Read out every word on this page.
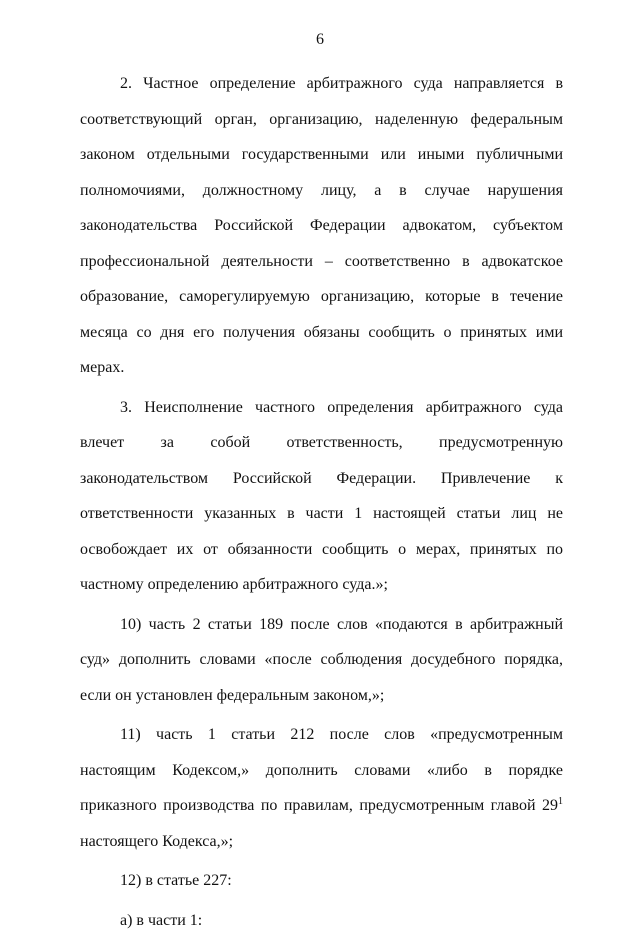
6

2. Частное определение арбитражного суда направляется в соответствующий орган, организацию, наделенную федеральным законом отдельными государственными или иными публичными полномочиями, должностному лицу, а в случае нарушения законодательства Российской Федерации адвокатом, субъектом профессиональной деятельности – соответственно в адвокатское образование, саморегулируемую организацию, которые в течение месяца со дня его получения обязаны сообщить о принятых ими мерах.

3. Неисполнение частного определения арбитражного суда влечет за собой ответственность, предусмотренную законодательством Российской Федерации. Привлечение к ответственности указанных в части 1 настоящей статьи лиц не освобождает их от обязанности сообщить о мерах, принятых по частному определению арбитражного суда.»;

10) часть 2 статьи 189 после слов «подаются в арбитражный суд» дополнить словами «после соблюдения досудебного порядка, если он установлен федеральным законом,»;

11) часть 1 статьи 212 после слов «предусмотренным настоящим Кодексом,» дополнить словами «либо в порядке приказного производства по правилам, предусмотренным главой $29^1$ настоящего Кодекса,»;

12) в статье 227:

а) в части 1:
